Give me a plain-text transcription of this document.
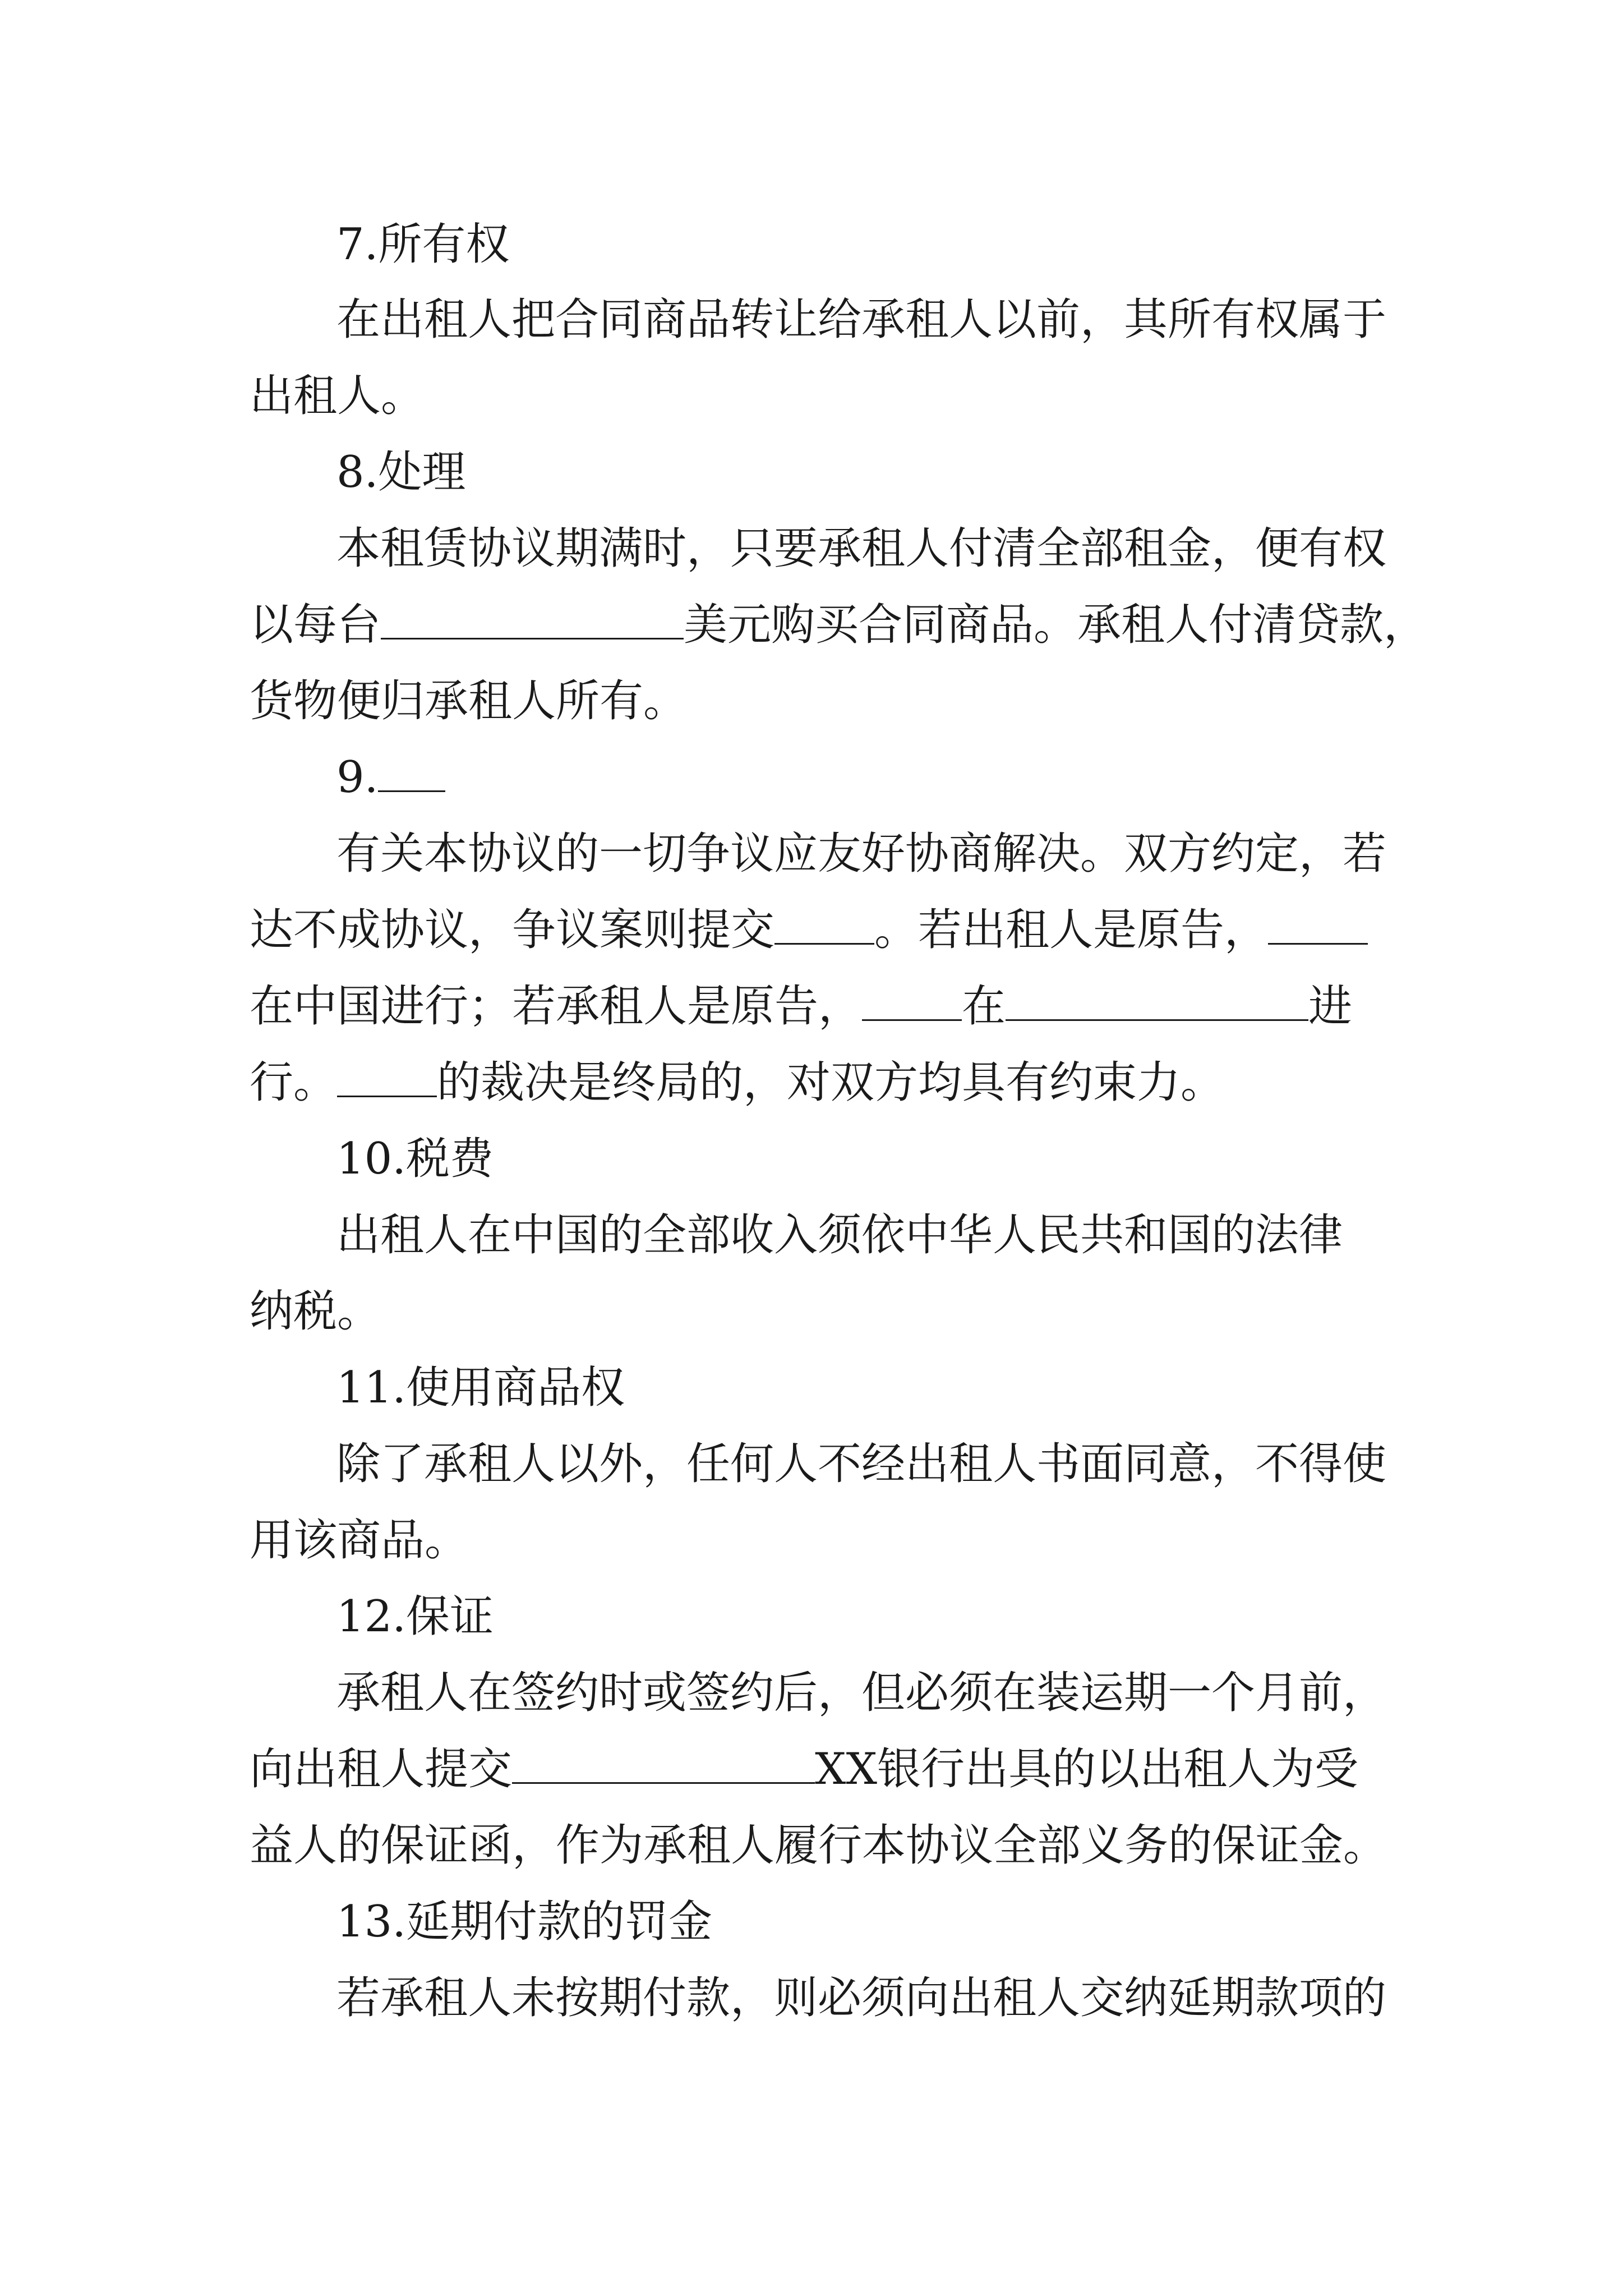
7.所有权
在出租人把合同商品转让给承租人以前，其所有权属于
出租人。
8.处理
本租赁协议期满时，只要承租人付清全部租金，便有权
以每台	美元购买合同商品。承租人付清贷款，
货物便归承租人所有。
9.
有关本协议的一切争议应友好协商解决。双方约定，若
达不成协议，争议案则提交 。若出租人是原告，
在中国进行；若承租人是原告， 在	进
行。 的裁决是终局的，对双方均具有约束力。
10.税费
出租人在中国的全部收入须依中华人民共和国的法律
纳税。
11.使用商品权
除了承租人以外，任何人不经出租人书面同意，不得使
用该商品。
12.保证
承租人在签约时或签约后，但必须在装运期一个月前，
向出租人提交	XX银行出具的以出租人为受
益人的保证函，作为承租人履行本协议全部义务的保证金。
13.延期付款的罚金
若承租人未按期付款，则必须向出租人交纳延期款项的
